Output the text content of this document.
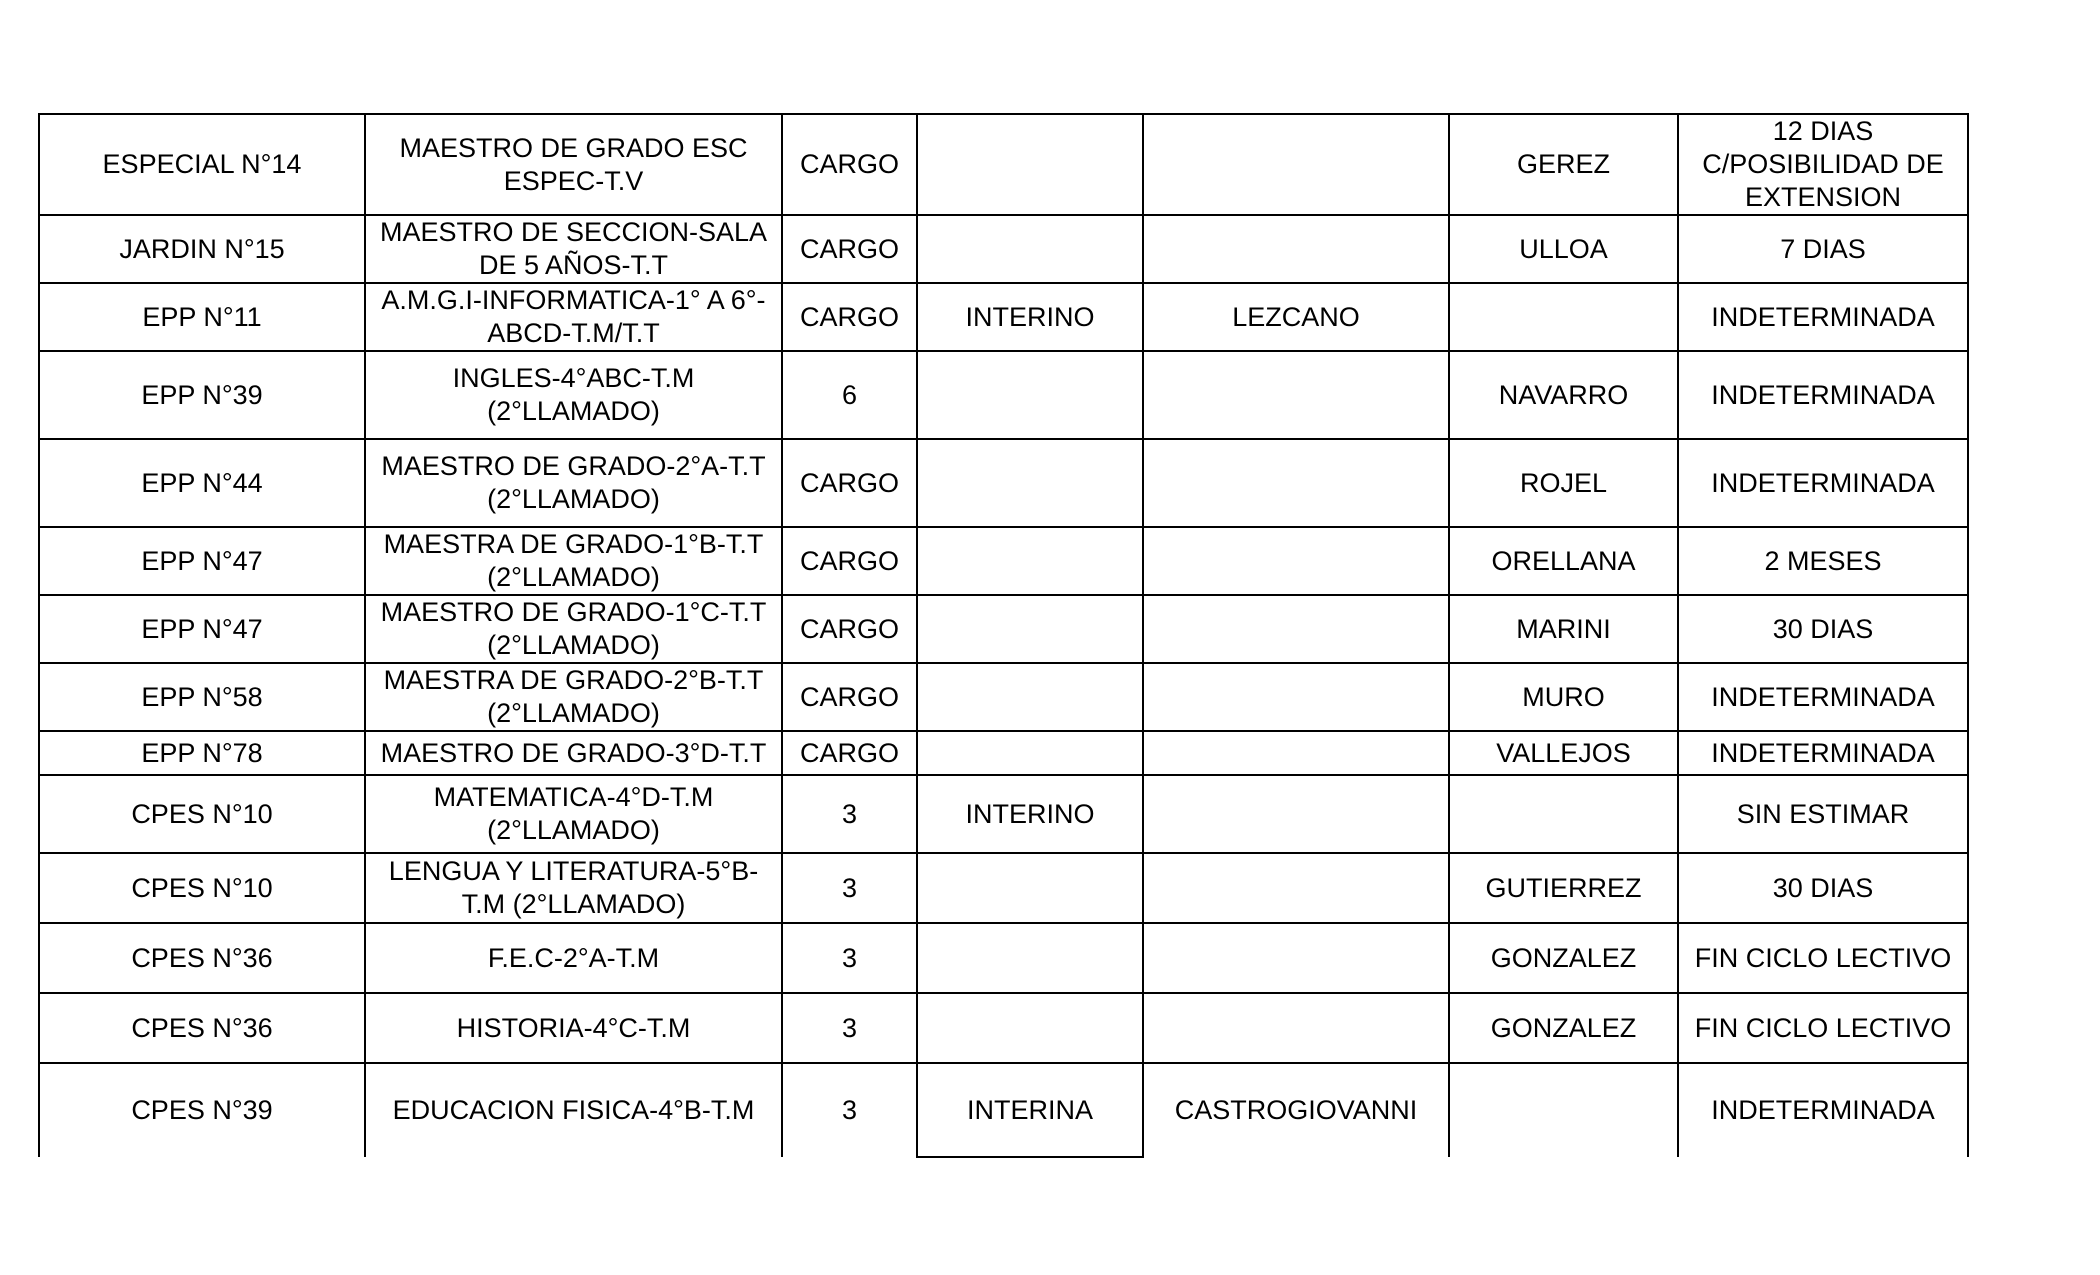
ESPECIAL N°14	MAESTRO DE GRADO ESC ESPEC-T.V	CARGO			GEREZ	12 DIAS C/POSIBILIDAD DE EXTENSION
JARDIN N°15	MAESTRO DE SECCION-SALA DE 5 AÑOS-T.T	CARGO			ULLOA	7 DIAS
EPP N°11	A.M.G.I-INFORMATICA-1° A 6°-ABCD-T.M/T.T	CARGO	INTERINO	LEZCANO		INDETERMINADA
EPP N°39	INGLES-4°ABC-T.M (2°LLAMADO)	6			NAVARRO	INDETERMINADA
EPP N°44	MAESTRO DE GRADO-2°A-T.T (2°LLAMADO)	CARGO			ROJEL	INDETERMINADA
EPP N°47	MAESTRA DE GRADO-1°B-T.T (2°LLAMADO)	CARGO			ORELLANA	2 MESES
EPP N°47	MAESTRO DE GRADO-1°C-T.T (2°LLAMADO)	CARGO			MARINI	30 DIAS
EPP N°58	MAESTRA DE GRADO-2°B-T.T (2°LLAMADO)	CARGO			MURO	INDETERMINADA
EPP N°78	MAESTRO DE GRADO-3°D-T.T	CARGO			VALLEJOS	INDETERMINADA
CPES N°10	MATEMATICA-4°D-T.M (2°LLAMADO)	3	INTERINO			SIN ESTIMAR
CPES N°10	LENGUA Y LITERATURA-5°B-T.M (2°LLAMADO)	3			GUTIERREZ	30 DIAS
CPES N°36	F.E.C-2°A-T.M	3			GONZALEZ	FIN CICLO LECTIVO
CPES N°36	HISTORIA-4°C-T.M	3			GONZALEZ	FIN CICLO LECTIVO
CPES N°39	EDUCACION FISICA-4°B-T.M	3	INTERINA	CASTROGIOVANNI		INDETERMINADA
